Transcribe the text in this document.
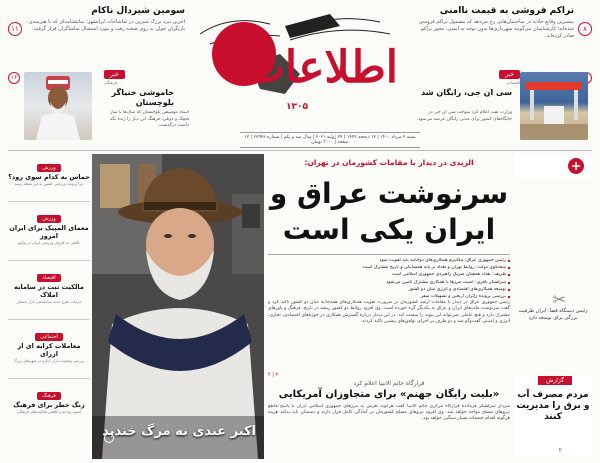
۸
تراکم فروشی به قیمت ناامنی
بیشترین وقایع حادثه در ساختمان‌هایی رخ می‌دهد که مشمول تراکم فروشی شده‌اند؛ کارشناسان می‌گویند شهرداری‌ها بدون توجه به ایمنی، مجوز تراکم صادر کرده‌اند.
۱۱
سومین شیردال ناکام
آخرین نبرد بزرگ شیرین در تماشاخانه ایرانشهر؛ نمایشنامه‌ای که با هنرمندی بازیگران جوان به روی صحنه رفت و مورد استقبال تماشاگران قرار گرفت.
اطلاعات
۱۳۰۵
خبر
اقتصادی
سی ان جی، رایگان شد
وزارت نفت اعلام کرد سوخت سی ان جی در جایگاه‌های کشور برای مدتی رایگان عرضه می‌شود.
۱۶	خبر
فرهنگی
خاموشی خنیاگر بلوچستان
استاد موسیقی بلوچستان که سال‌ها با ساز قیچک و دونلی، فرهنگ این دیار را زنده نگه داشت درگذشت.
شنبه ۲ مرداد ۱۴۰۰ | ۱۴ ذیحجه ۱۴۴۲ | ۲۴ ژوئیه ۲۰۲۱ | سال صد و یکم | شماره ۲۷۹۴۸ | ۱۲ صفحه | ۳۰۰۰ تومان
ورزش
حماس به کدام سوی رود؟
چرا پرونده ورزشی کشور به این نقطه رسید
ورزش
معمای المپیک برای ایران امروز
نگاهی به کاروان ورزشی ایران در توکیو
اقتصاد
مالکیت ثبت در سامانه املاک
جزئیات طرح جدید ساماندهی بازار مسکن
اجتماعی
معاملات کرایه ای از ازرای
بررسی وضعیت بازار اجاره در شهرهای بزرگ
فرهنگ
زنگ خطر برای فرهنگ
کمبود بودجه و کاهش فعالیت‌های فرهنگی
اکبر عبدی به مرگ خندید
الزیدی در دیدار با مقامات کشورمان در تهران:
سرنوشت عراق و ایران یکی است
رئیس جمهوری عراق: مکانیزم همکاری‌های دوجانبه باید تقویت شود
سخنگوی دولت: روابط تهران و بغداد بر پایه همسایگی و تاریخ مشترک است
ظریف: بغداد همچنان شریک راهبردی جمهوری اسلامی است
سرلشکر باقری: امنیت مرزها با همکاری مشترک تامین می‌شود
توسعه همکاری‌های اقتصادی و انرژی میان دو کشور
بررسی پرونده زائران اربعین و تسهیلات سفر
رئیس جمهوری عراق در دیدار با مقامات ارشد کشورمان بر ضرورت تقویت همکاری‌های همه‌جانبه میان دو کشور تاکید کرد و گفت سرنوشت ملت‌های ایران و عراق به یکدیگر گره خورده است. وی افزود روابط دو کشور ریشه در تاریخ، فرهنگ و باورهای مشترک دارد و هیچ عاملی نمی‌تواند این پیوند را سست کند. در این دیدار درباره گسترش همکاری در حوزه‌های اقتصادی، تجاری، انرژی و امنیتی گفت‌وگو شد و دو طرف بر اجرای توافق‌های پیشین تاکید کردند.
۲ | ۴
قرارگاه خاتم الانبیا اعلام کرد
«بلیت رایگان جهنم» برای متجاوزان آمریکایی
سردار سرلشکر فرمانده قرارگاه مرکزی خاتم الانبیا گفت هرگونه تعرض به مرزهای جمهوری اسلامی ایران با پاسخ قاطع نیروهای مسلح مواجه خواهد شد. وی افزود نیروهای مسلح کشورمان در آمادگی کامل قرار دارند و دشمنان باید بدانند هزینه هرگونه اقدام خصمانه بسیار سنگین خواهد بود.
✂
رئیس دستگاه قضا: ایران ظرفیت بزرگی برای توسعه دارد
گزارش
مردم مصرف آب و برق را مدیریت کنند
۲
